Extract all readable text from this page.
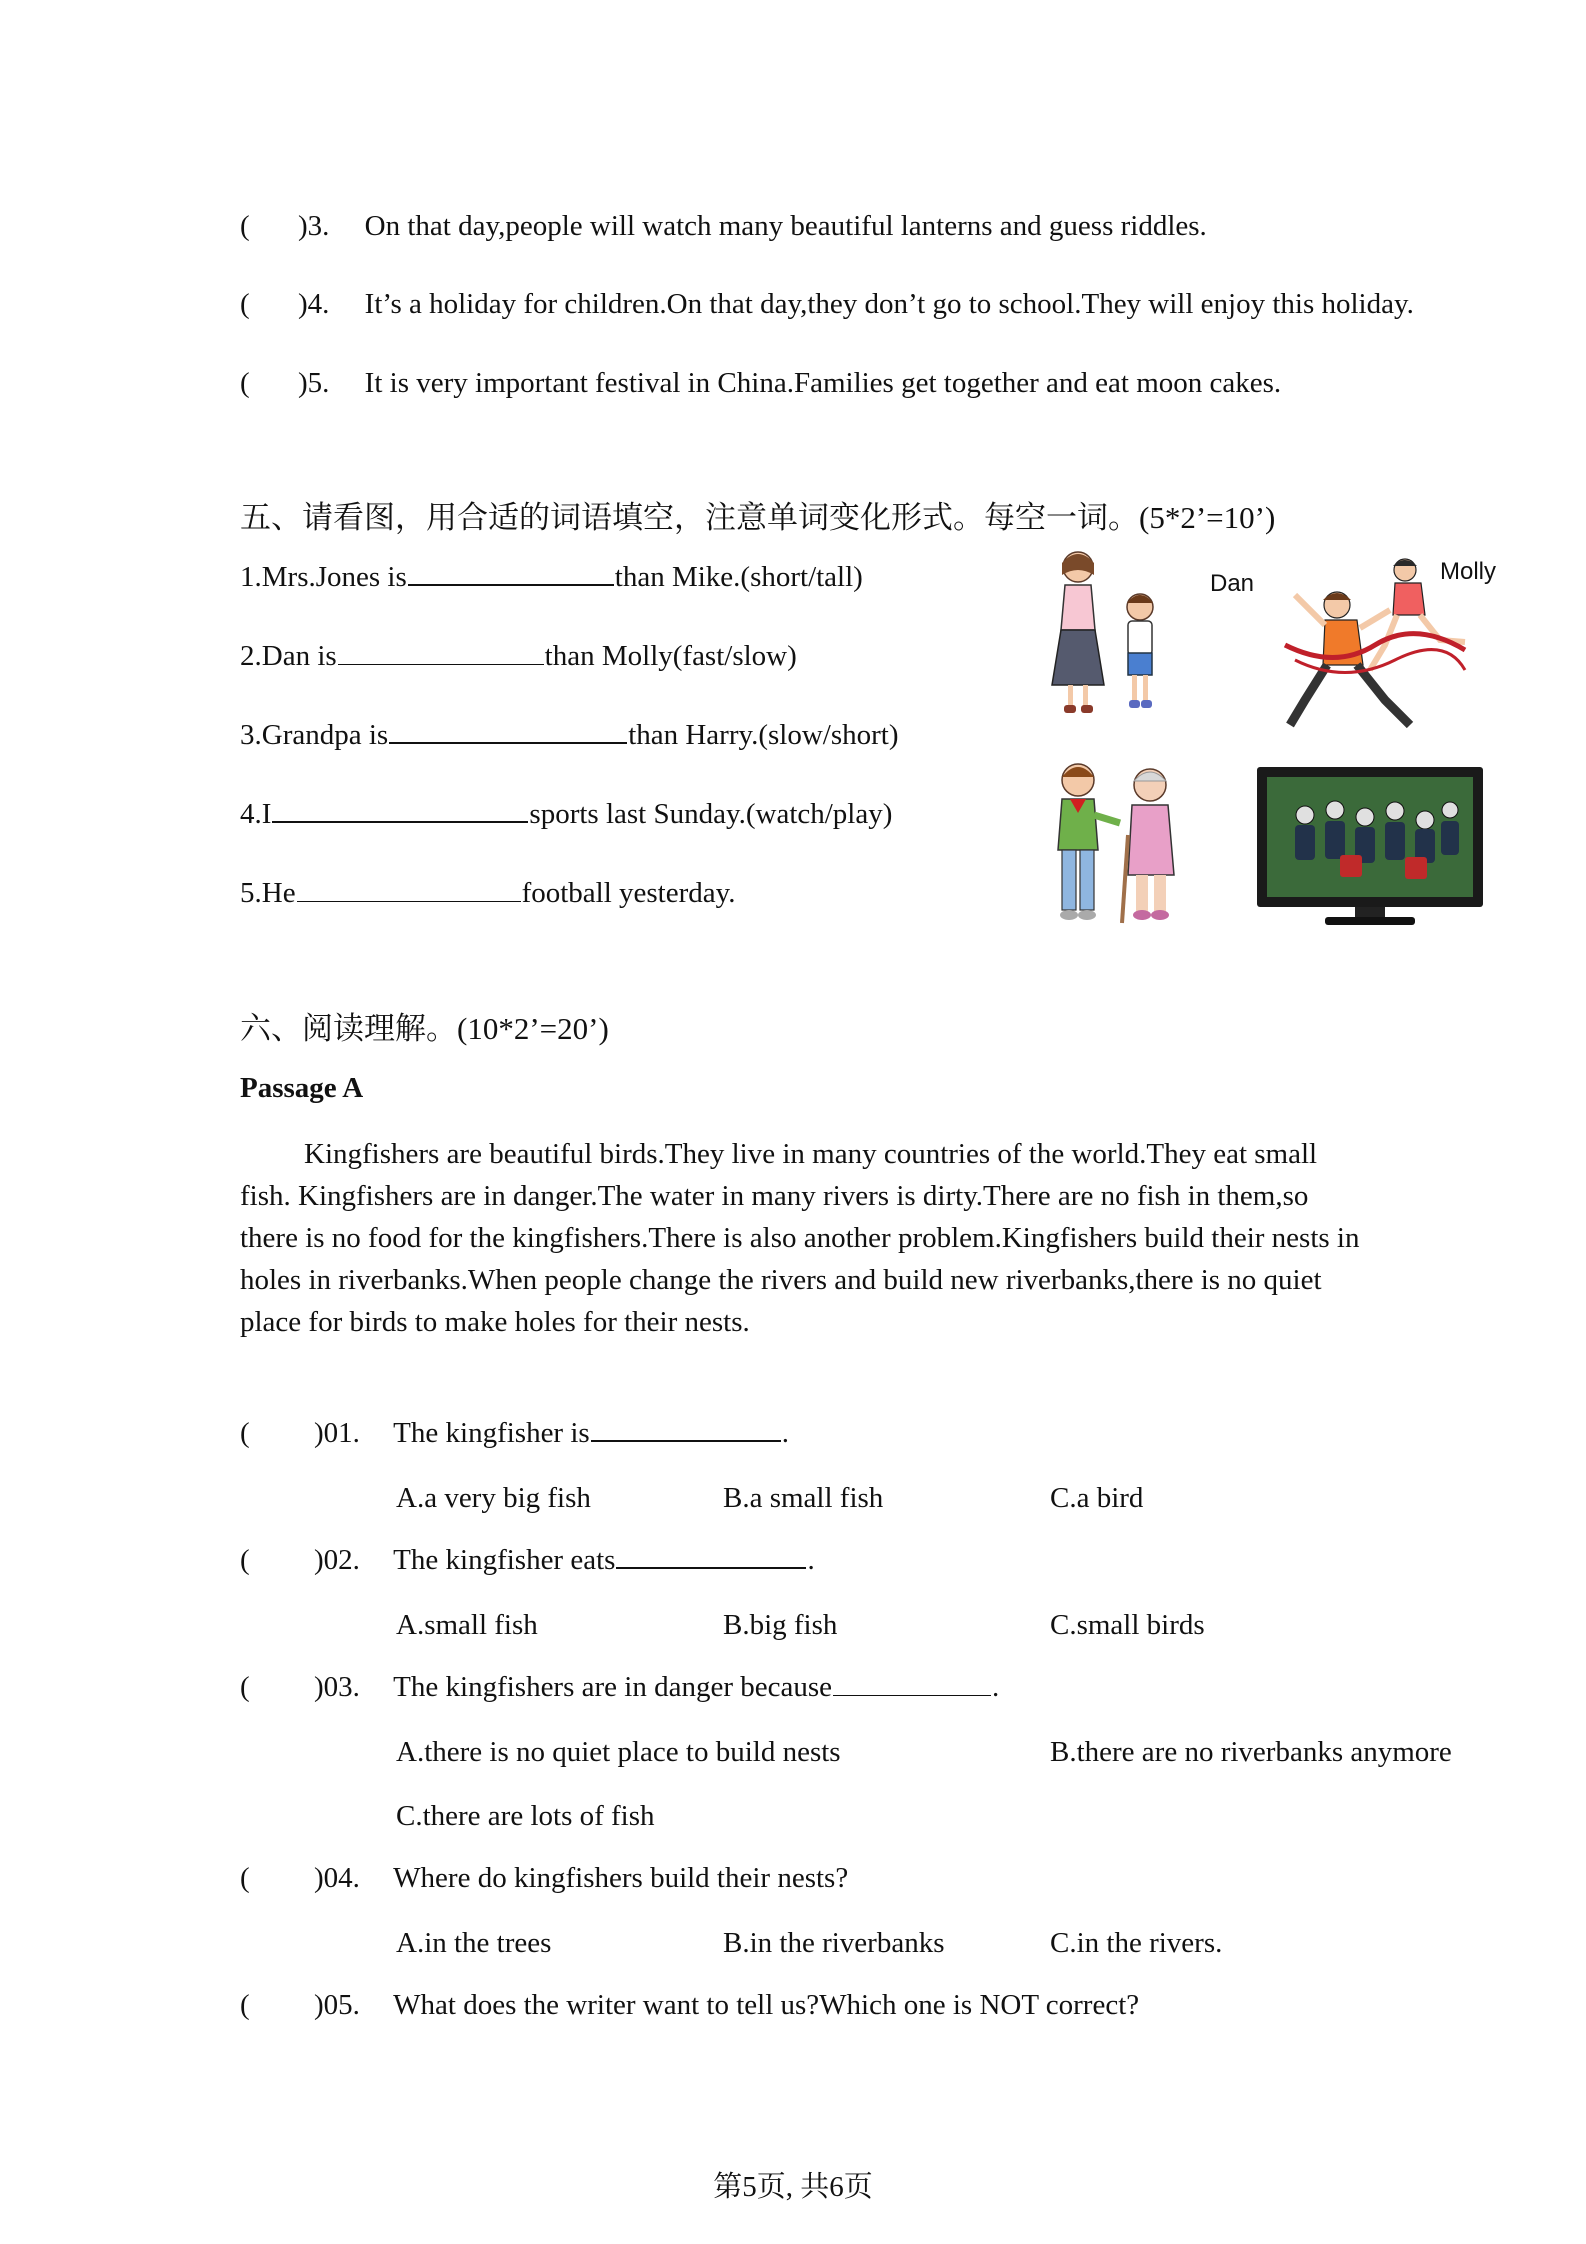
( )3. On that day,people will watch many beautiful lanterns and guess riddles.
( )4. It’s a holiday for children.On that day,they don’t go to school.They will enjoy this holiday.
( )5. It is very important festival in China.Families get together and eat moon cakes.
五、请看图，用合适的词语填空，注意单词变化形式。每空一词。(5*2’=10’)
1.Mrs.Jones is	than Mike.(short/tall)
2.Dan is	than Molly(fast/slow)
3.Grandpa is	than Harry.(slow/short)
4.I	sports last Sunday.(watch/play)
5.He	football yesterday.
Dan	Molly
六、阅读理解。(10*2’=20’)
Passage A
Kingfishers are beautiful birds.They live in many countries of the world.They eat small fish. Kingfishers are in danger.The water in many rivers is dirty.There are no fish in them,so there is no food for the kingfishers.There is also another problem.Kingfishers build their nests in holes in riverbanks.When people change the rivers and build new riverbanks,there is no quiet place for birds to make holes for their nests.
( )01. The kingfisher is	.
A.a very big fish	B.a small fish	C.a bird
( )02. The kingfisher eats	.
A.small fish	B.big fish	C.small birds
( )03. The kingfishers are in danger because	.
A.there is no quiet place to build nests	B.there are no riverbanks anymore
C.there are lots of fish
( )04. Where do kingfishers build their nests?
A.in the trees	B.in the riverbanks	C.in the rivers.
( )05. What does the writer want to tell us?Which one is NOT correct?
第5页, 共6页
